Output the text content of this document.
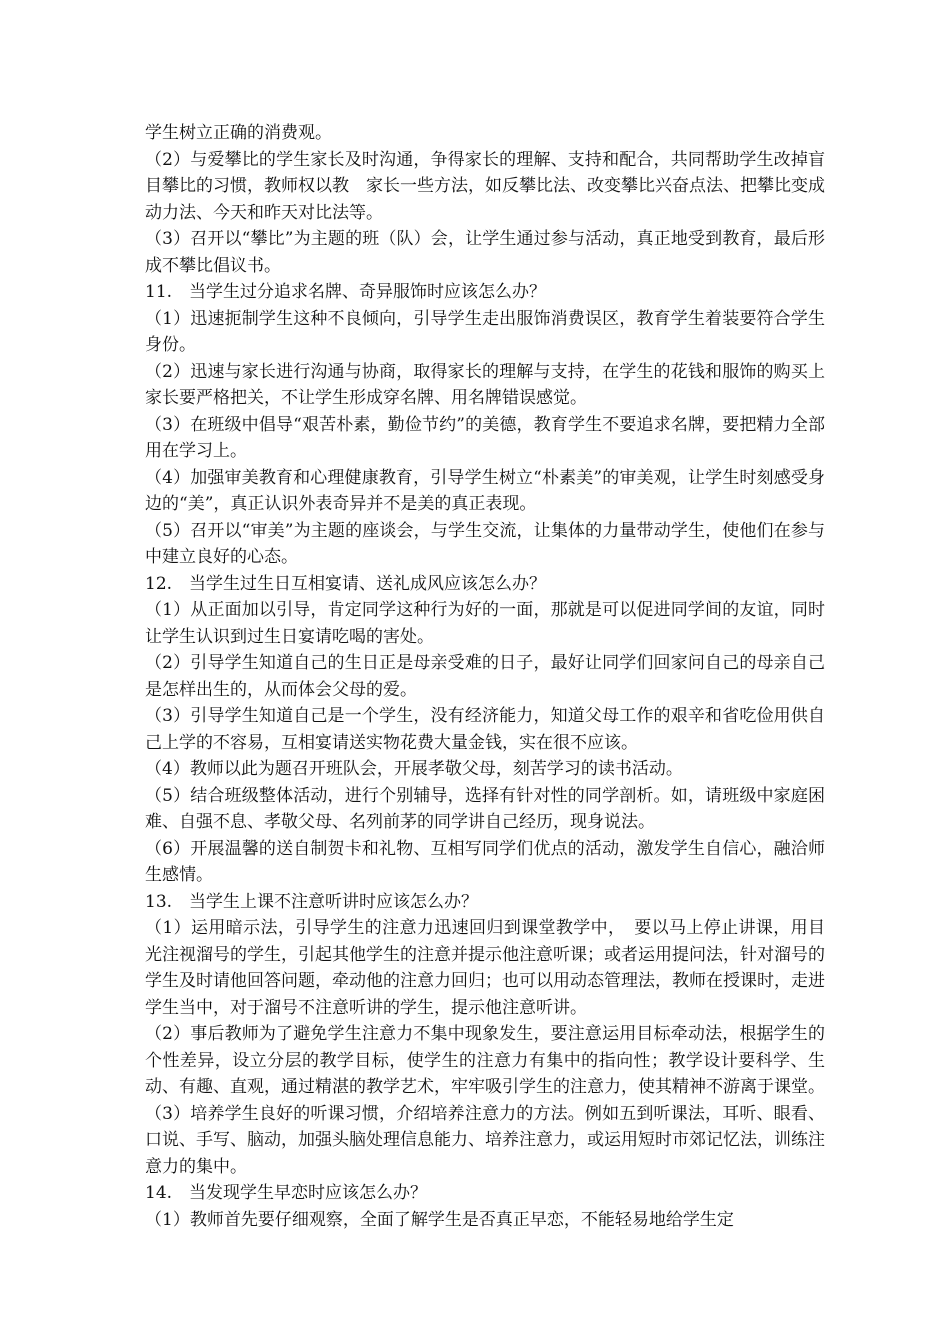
学生树立正确的消费观。

（2）与爱攀比的学生家长及时沟通，争得家长的理解、支持和配合，共同帮助学生改掉盲目攀比的习惯，教师权以教　家长一些方法，如反攀比法、改变攀比兴奋点法、把攀比变成动力法、今天和昨天对比法等。

（3）召开以“攀比”为主题的班（队）会，让学生通过参与活动，真正地受到教育，最后形成不攀比倡议书。

11.　当学生过分追求名牌、奇异服饰时应该怎么办？

（1）迅速扼制学生这种不良倾向，引导学生走出服饰消费误区，教育学生着装要符合学生身份。

（2）迅速与家长进行沟通与协商，取得家长的理解与支持，在学生的花钱和服饰的购买上家长要严格把关，不让学生形成穿名牌、用名牌错误感觉。

（3）在班级中倡导“艰苦朴素，勤俭节约”的美德，教育学生不要追求名牌，要把精力全部用在学习上。

（4）加强审美教育和心理健康教育，引导学生树立“朴素美”的审美观，让学生时刻感受身边的“美”，真正认识外表奇异并不是美的真正表现。

（5）召开以“审美”为主题的座谈会，与学生交流，让集体的力量带动学生，使他们在参与中建立良好的心态。

12.　当学生过生日互相宴请、送礼成风应该怎么办？

（1）从正面加以引导，肯定同学这种行为好的一面，那就是可以促进同学间的友谊，同时让学生认识到过生日宴请吃喝的害处。

（2）引导学生知道自己的生日正是母亲受难的日子，最好让同学们回家问自己的母亲自己是怎样出生的，从而体会父母的爱。

（3）引导学生知道自己是一个学生，没有经济能力，知道父母工作的艰辛和省吃俭用供自己上学的不容易，互相宴请送实物花费大量金钱，实在很不应该。

（4）教师以此为题召开班队会，开展孝敬父母，刻苦学习的读书活动。

（5）结合班级整体活动，进行个别辅导，选择有针对性的同学剖析。如，请班级中家庭困难、自强不息、孝敬父母、名列前茅的同学讲自己经历，现身说法。

（6）开展温馨的送自制贺卡和礼物、互相写同学们优点的活动，激发学生自信心，融洽师生感情。

13.　当学生上课不注意听讲时应该怎么办？

（1）运用暗示法，引导学生的注意力迅速回归到课堂教学中，　要以马上停止讲课，用目光注视溜号的学生，引起其他学生的注意并提示他注意听课；或者运用提问法，针对溜号的学生及时请他回答问题，牵动他的注意力回归；也可以用动态管理法，教师在授课时，走进学生当中，对于溜号不注意听讲的学生，提示他注意听讲。

（2）事后教师为了避免学生注意力不集中现象发生，要注意运用目标牵动法，根据学生的个性差异，设立分层的教学目标，使学生的注意力有集中的指向性；教学设计要科学、生动、有趣、直观，通过精湛的教学艺术，牢牢吸引学生的注意力，使其精神不游离于课堂。

（3）培养学生良好的听课习惯，介绍培养注意力的方法。例如五到听课法，耳听、眼看、口说、手写、脑动，加强头脑处理信息能力、培养注意力，或运用短时市郊记忆法，训练注意力的集中。

14.　当发现学生早恋时应该怎么办？

（1）教师首先要仔细观察，全面了解学生是否真正早恋，不能轻易地给学生定
